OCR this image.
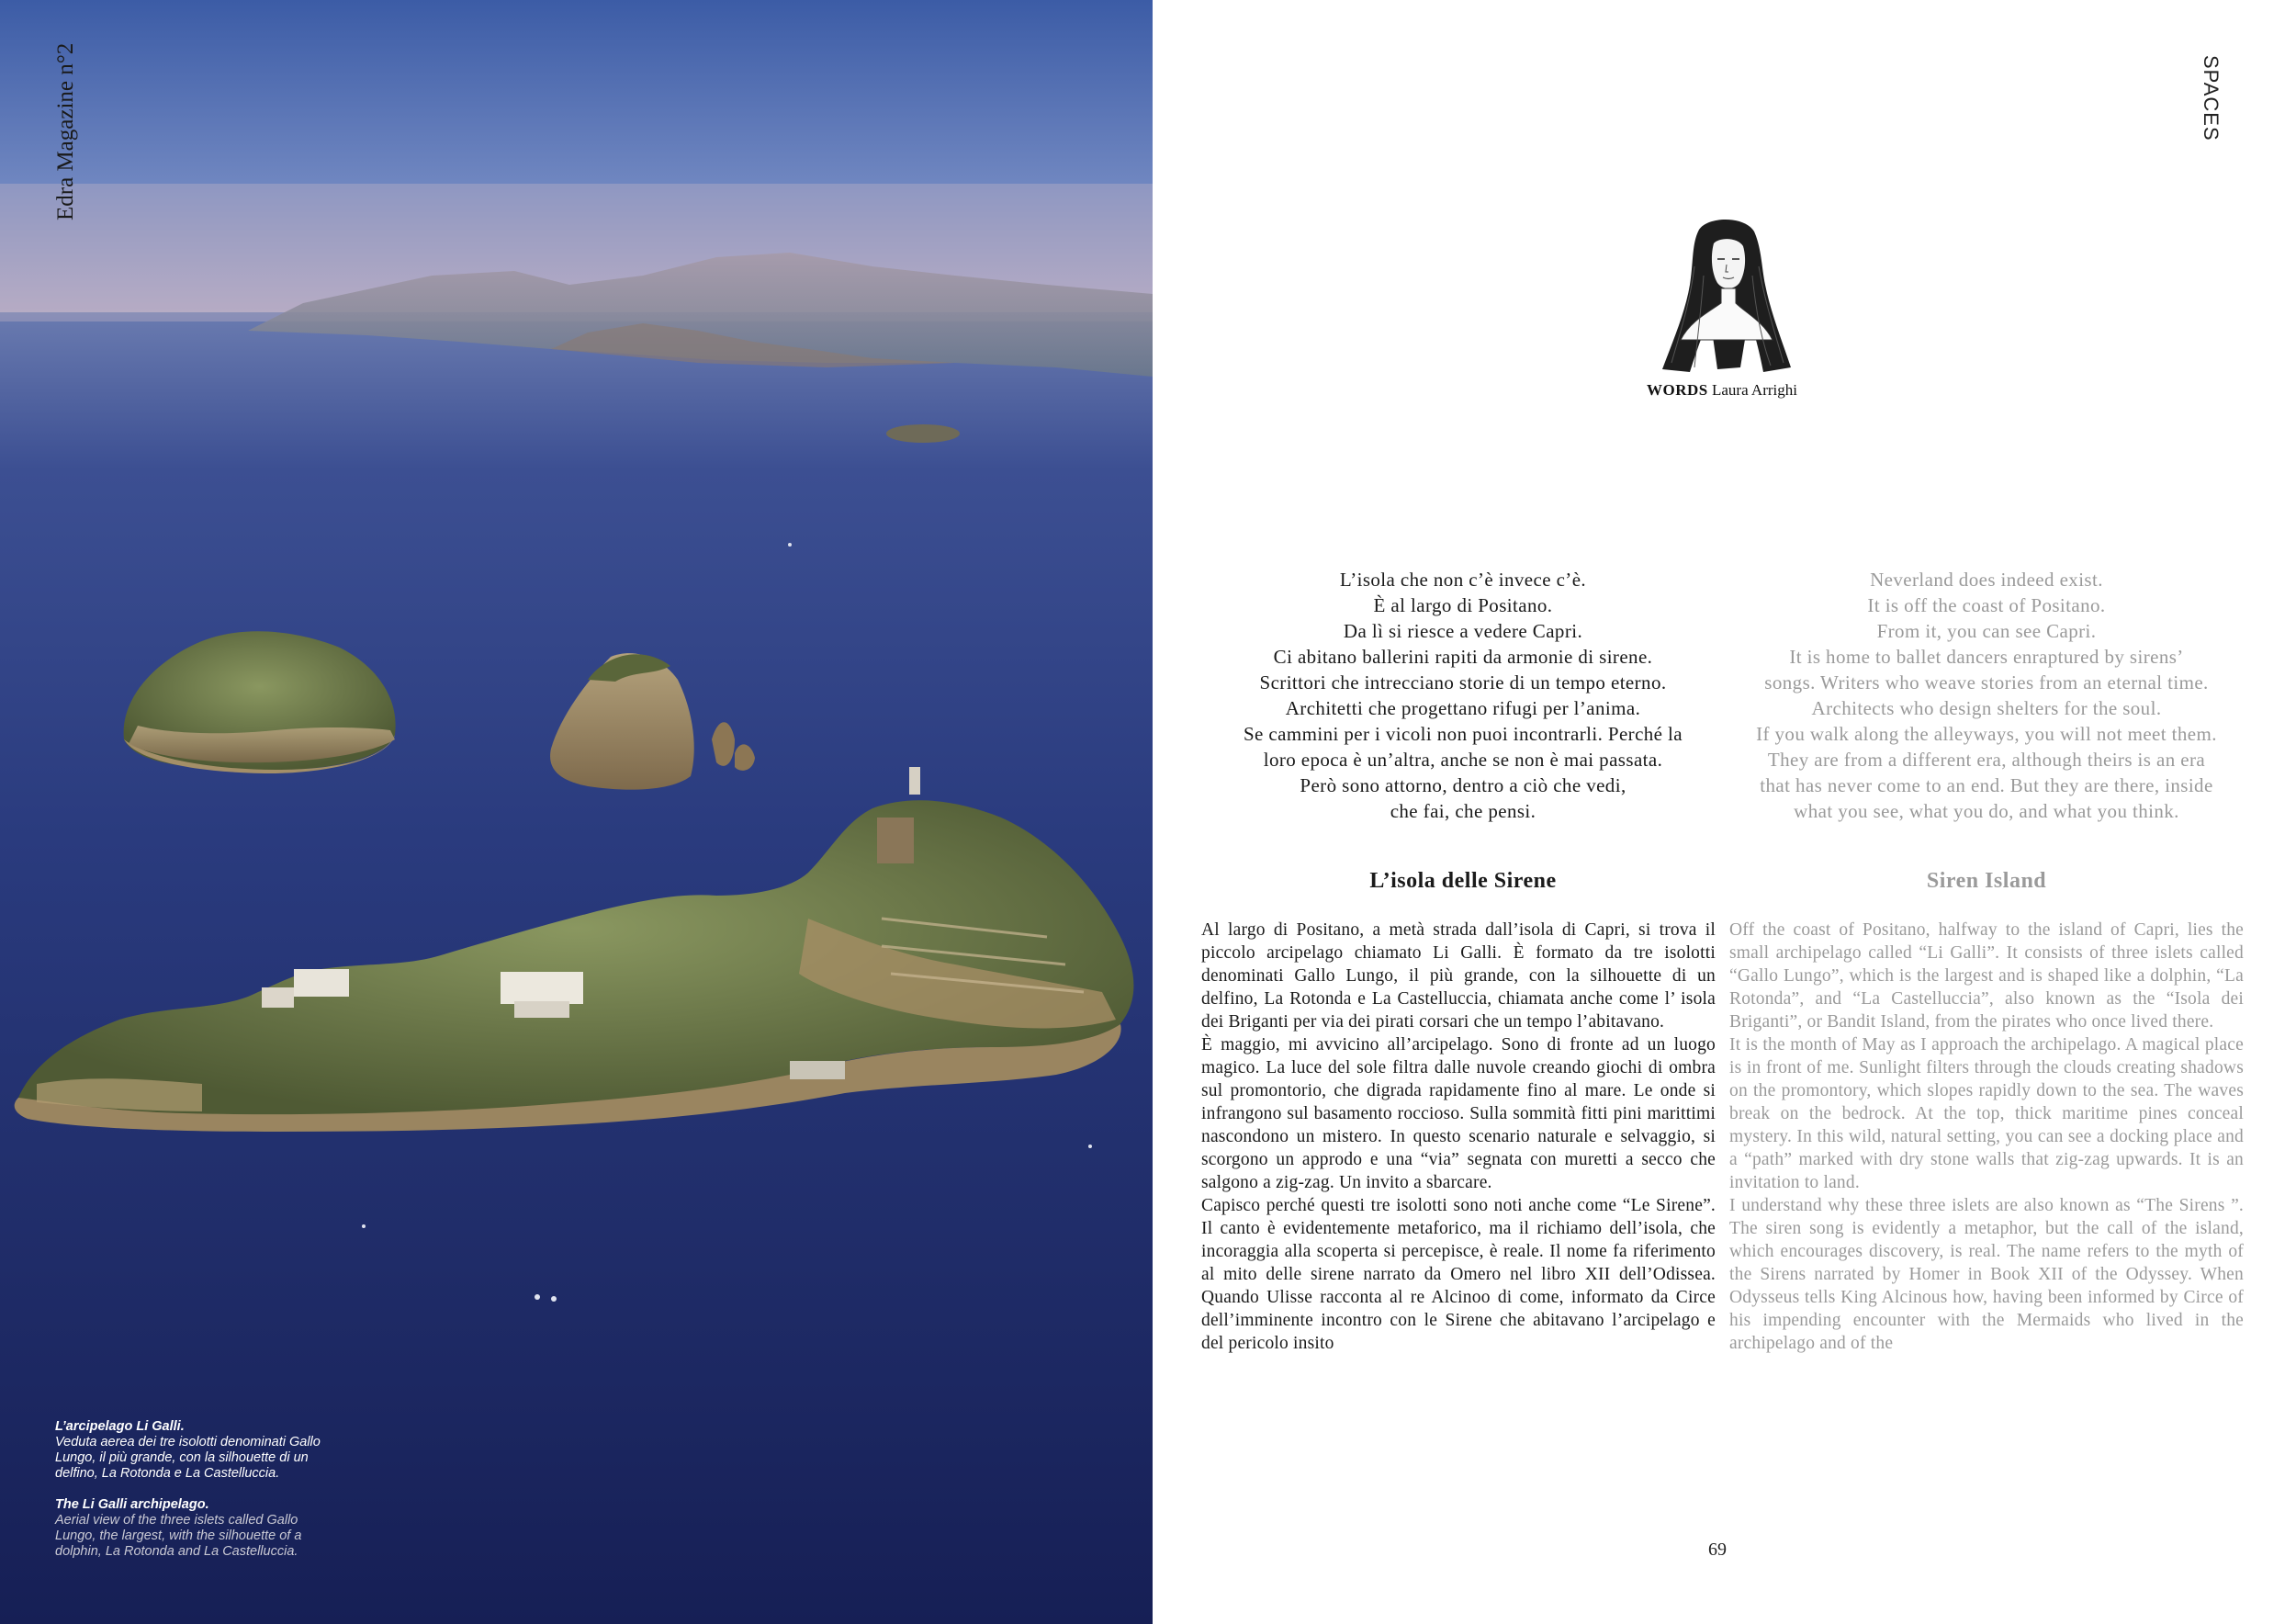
Edra Magazine n°2
L’arcipelago Li Galli.
Veduta aerea dei tre isolotti denominati Gallo Lungo, il più grande, con la silhouette di un delfino, La Rotonda e La Castelluccia.
The Li Galli archipelago.
Aerial view of the three islets called Gallo Lungo, the largest, with the silhouette of a dolphin, La Rotonda and La Castelluccia.
SPACES
WORDS Laura Arrighi
L’isola che non c’è invece c’è.
È al largo di Positano.
Da lì si riesce a vedere Capri.
Ci abitano ballerini rapiti da armonie di sirene.
Scrittori che intrecciano storie di un tempo eterno.
Architetti che progettano rifugi per l’anima.
Se cammini per i vicoli non puoi incontrarli. Perché la
loro epoca è un’altra, anche se non è mai passata.
Però sono attorno, dentro a ciò che vedi,
che fai, che pensi.
Neverland does indeed exist.
It is off the coast of Positano.
From it, you can see Capri.
It is home to ballet dancers enraptured by sirens’
songs. Writers who weave stories from an eternal time.
Architects who design shelters for the soul.
If you walk along the alleyways, you will not meet them.
They are from a different era, although theirs is an era
that has never come to an end. But they are there, inside
what you see, what you do, and what you think.
L’isola delle Sirene	Siren Island

Al largo di Positano, a metà strada dall’isola di Capri, si trova il piccolo arcipelago chiamato Li Galli. È formato da tre isolotti denominati Gallo Lungo, il più grande, con la silhouette di un delfino, La Rotonda e La Castelluccia, chiamata anche come l’ isola dei Briganti per via dei pirati corsari che un tempo l’abitavano.

È maggio, mi avvicino all’arcipelago. Sono di fronte ad un luogo magico. La luce del sole filtra dalle nuvole creando giochi di ombra sul promontorio, che digrada rapidamente fino al mare. Le onde si infrangono sul basamento roccioso. Sulla sommità fitti pini marittimi nascondono un mistero. In questo scenario naturale e selvaggio, si scorgono un approdo e una “via” segnata con muretti a secco che salgono a zig-zag. Un invito a sbarcare.

Capisco perché questi tre isolotti sono noti anche come “Le Sirene”. Il canto è evidentemente metaforico, ma il richiamo dell’isola, che incoraggia alla scoperta si percepisce, è reale. Il nome fa riferimento al mito delle sirene narrato da Omero nel libro XII dell’Odissea. Quando Ulisse racconta al re Alcinoo di come, informato da Circe dell’imminente incontro con le Sirene che abitavano l’arcipelago e del pericolo insito

Off the coast of Positano, halfway to the island of Capri, lies the small archipelago called “Li Galli”. It consists of three islets called “Gallo Lungo”, which is the largest and is shaped like a dolphin, “La Rotonda”, and “La Castelluccia”, also known as the “Isola dei Briganti”, or Bandit Island, from the pirates who once lived there.

It is the month of May as I approach the archipelago. A magical place is in front of me. Sunlight filters through the clouds creating shadows on the promontory, which slopes rapidly down to the sea. The waves break on the bedrock. At the top, thick maritime pines conceal mystery. In this wild, natural setting, you can see a docking place and a “path” marked with dry stone walls that zig-zag upwards. It is an invitation to land.

I understand why these three islets are also known as “The Sirens ”. The siren song is evidently a metaphor, but the call of the island, which encourages discovery, is real. The name refers to the myth of the Sirens narrated by Homer in Book XII of the Odyssey. When Odysseus tells King Alcinous how, having been informed by Circe of his impending encounter with the Mermaids who lived in the archipelago and of the

69
